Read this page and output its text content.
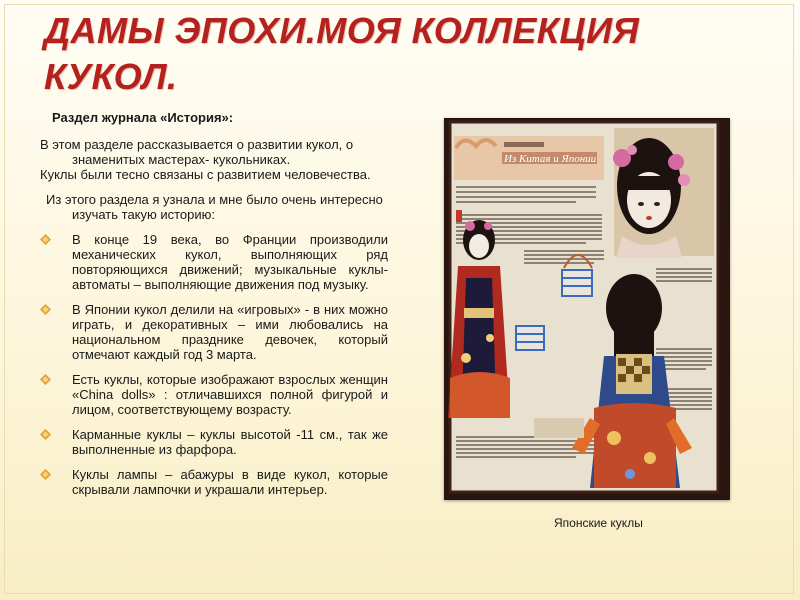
ДАМЫ ЭПОХИ.МОЯ КОЛЛЕКЦИЯ КУКОЛ.

Раздел журнала «История»:

В этом разделе рассказывается о развитии кукол, о знаменитых мастерах- кукольниках.

Куклы были тесно связаны с развитием человечества.

Из этого раздела я узнала и мне было очень интересно изучать такую историю:

В конце 19 века, во Франции производили механических кукол, выполняющих ряд повторяющихся движений; музыкальные куклы- автоматы – выполняющие движения под музыку.
В Японии кукол делили на «игровых» - в них можно играть, и декоративных – ими любовались на национальном празднике девочек, который отмечают каждый год 3 марта.
Есть куклы, которые изображают взрослых женщин «China dolls» : отличавшихся полной фигурой и лицом, соответствующему возрасту.
Карманные куклы – куклы высотой -11 см., так же выполненные из фарфора.
Куклы лампы – абажуры в виде кукол, которые скрывали лампочки и украшали интерьер.
Из Китая и Японии
Японские куклы
